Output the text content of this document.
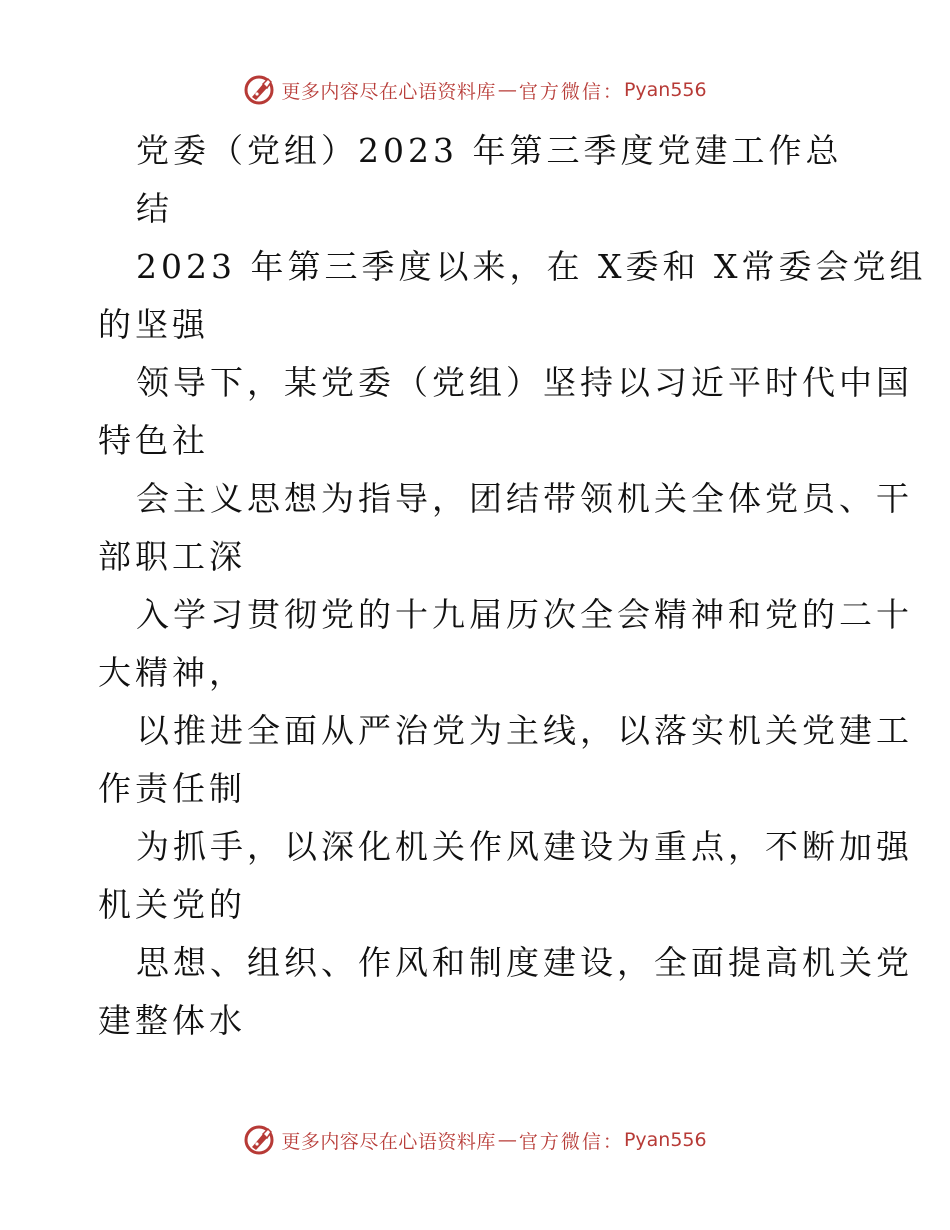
更多内容尽在心语资料库 — 官方微信： Pyan556
党委（党组）2023 年第三季度党建工作总
结
2023 年第三季度以来，在 X委和 X常委会党组
的坚强
领导下，某党委（党组）坚持以习近平时代中国
特色社
会主义思想为指导，团结带领机关全体党员、干
部职工深
入学习贯彻党的十九届历次全会精神和党的二十
大精神，
以推进全面从严治党为主线，以落实机关党建工
作责任制
为抓手，以深化机关作风建设为重点，不断加强
机关党的
思想、组织、作风和制度建设，全面提高机关党
建整体水
更多内容尽在心语资料库 — 官方微信： Pyan556
